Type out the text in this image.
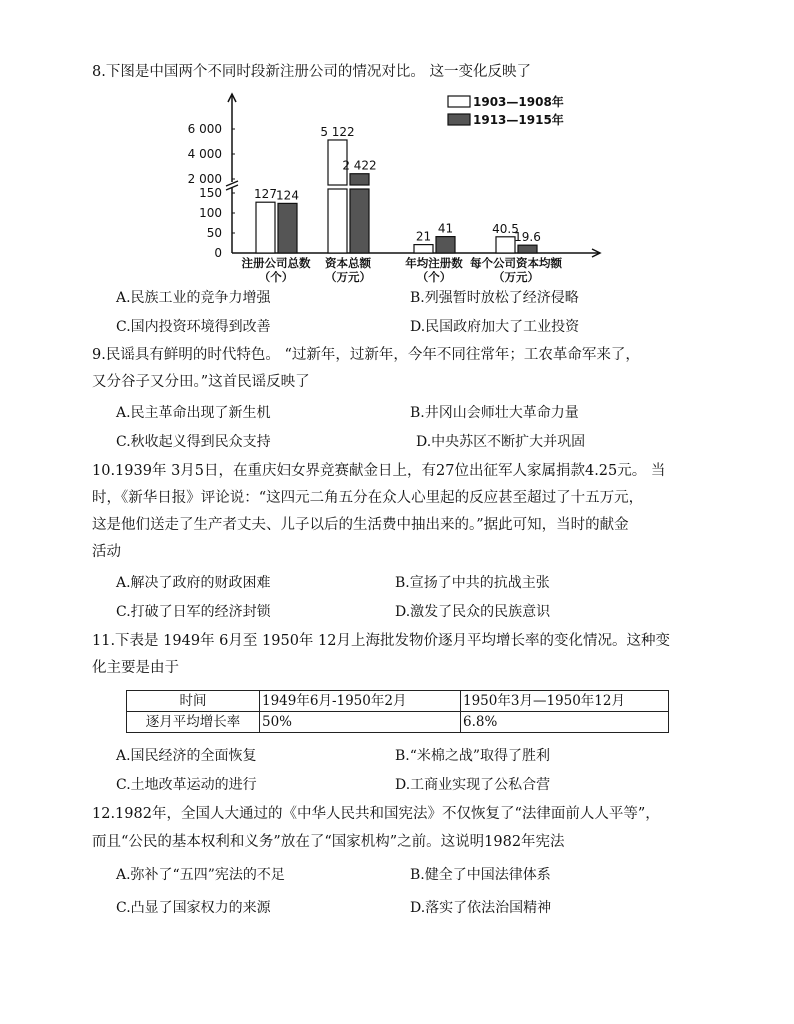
8.下图是中国两个不同时段新注册公司的情况对比。 这一变化反映了
0
50
100
150
2 000
4 000
6 000
127
5 122
21
40.5
124
2 422
41
19.6
注册公司总数
（个）
资本总额
（万元）
年均注册数
（个）
每个公司资本均额
（万元）
1903—1908年
1913—1915年
A.民族工业的竞争力增强	B.列强暂时放松了经济侵略
C.国内投资环境得到改善	D.民国政府加大了工业投资
9.民谣具有鲜明的时代特色。 “过新年，过新年，今年不同往常年；工农革命军来了，
又分谷子又分田。”这首民谣反映了
A.民主革命出现了新生机	B.井冈山会师壮大革命力量
C.秋收起义得到民众支持	D.中央苏区不断扩大并巩固
10.1939年 3月5日，在重庆妇女界竞赛献金日上，有27位出征军人家属捐款4.25元。 当
时，《新华日报》评论说：“这四元二角五分在众人心里起的反应甚至超过了十五万元，
这是他们送走了生产者丈夫、儿子以后的生活费中抽出来的。”据此可知，当时的献金
活动
A.解决了政府的财政困难	B.宣扬了中共的抗战主张
C.打破了日军的经济封锁	D.激发了民众的民族意识
11.下表是 1949年 6月至 1950年 12月上海批发物价逐月平均增长率的变化情况。这种变
化主要是由于
时间	1949年6月-1950年2月	1950年3月—1950年12月
逐月平均增长率	50%	6.8%
A.国民经济的全面恢复	B.“米棉之战”取得了胜利
C.土地改革运动的进行	D.工商业实现了公私合营
12.1982年，全国人大通过的《中华人民共和国宪法》不仅恢复了“法律面前人人平等”，
而且“公民的基本权利和义务”放在了“国家机构”之前。这说明1982年宪法
A.弥补了“五四”宪法的不足	B.健全了中国法律体系
C.凸显了国家权力的来源	D.落实了依法治国精神
